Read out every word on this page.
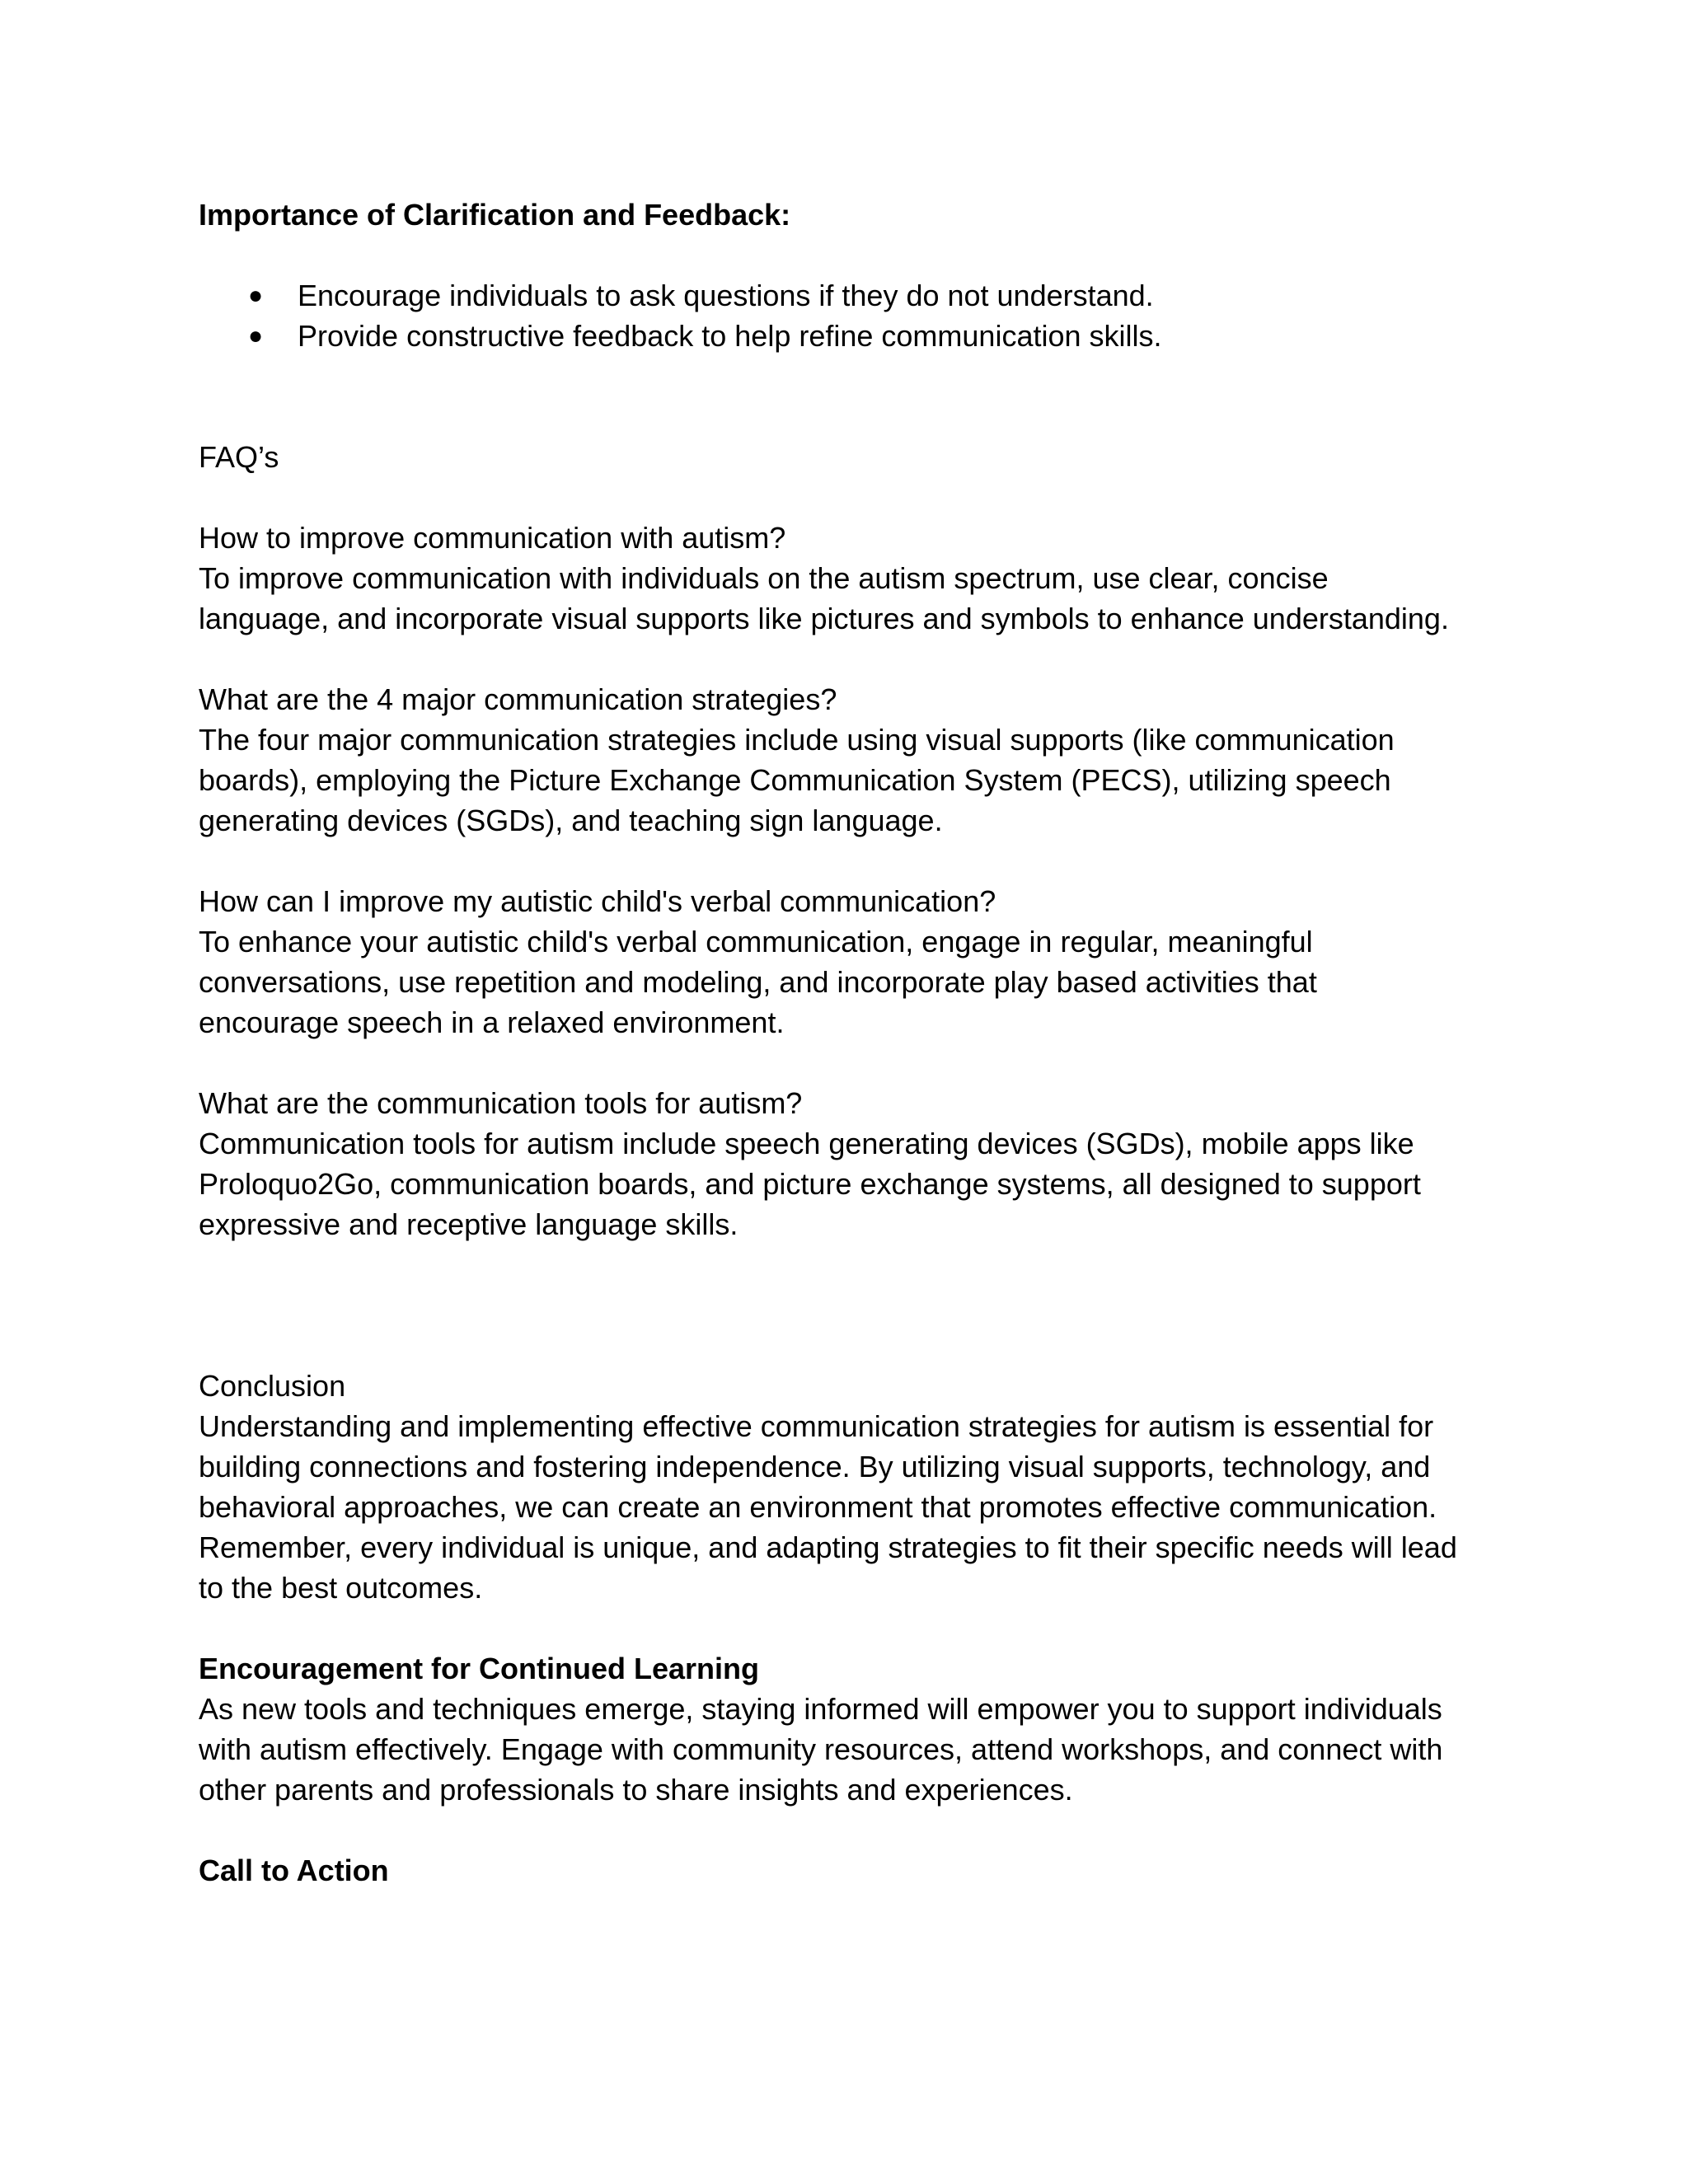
Importance of Clarification and Feedback:
● Encourage individuals to ask questions if they do not understand.
● Provide constructive feedback to help refine communication skills.
FAQ’s
How to improve communication with autism?
To improve communication with individuals on the autism spectrum, use clear, concise
language, and incorporate visual supports like pictures and symbols to enhance understanding.
What are the 4 major communication strategies?
The four major communication strategies include using visual supports (like communication
boards), employing the Picture Exchange Communication System (PECS), utilizing speech
generating devices (SGDs), and teaching sign language.
How can I improve my autistic child's verbal communication?
To enhance your autistic child's verbal communication, engage in regular, meaningful
conversations, use repetition and modeling, and incorporate play based activities that
encourage speech in a relaxed environment.
What are the communication tools for autism?
Communication tools for autism include speech generating devices (SGDs), mobile apps like
Proloquo2Go, communication boards, and picture exchange systems, all designed to support
expressive and receptive language skills.
Conclusion
Understanding and implementing effective communication strategies for autism is essential for
building connections and fostering independence. By utilizing visual supports, technology, and
behavioral approaches, we can create an environment that promotes effective communication.
Remember, every individual is unique, and adapting strategies to fit their specific needs will lead
to the best outcomes.
Encouragement for Continued Learning
As new tools and techniques emerge, staying informed will empower you to support individuals
with autism effectively. Engage with community resources, attend workshops, and connect with
other parents and professionals to share insights and experiences.
Call to Action
